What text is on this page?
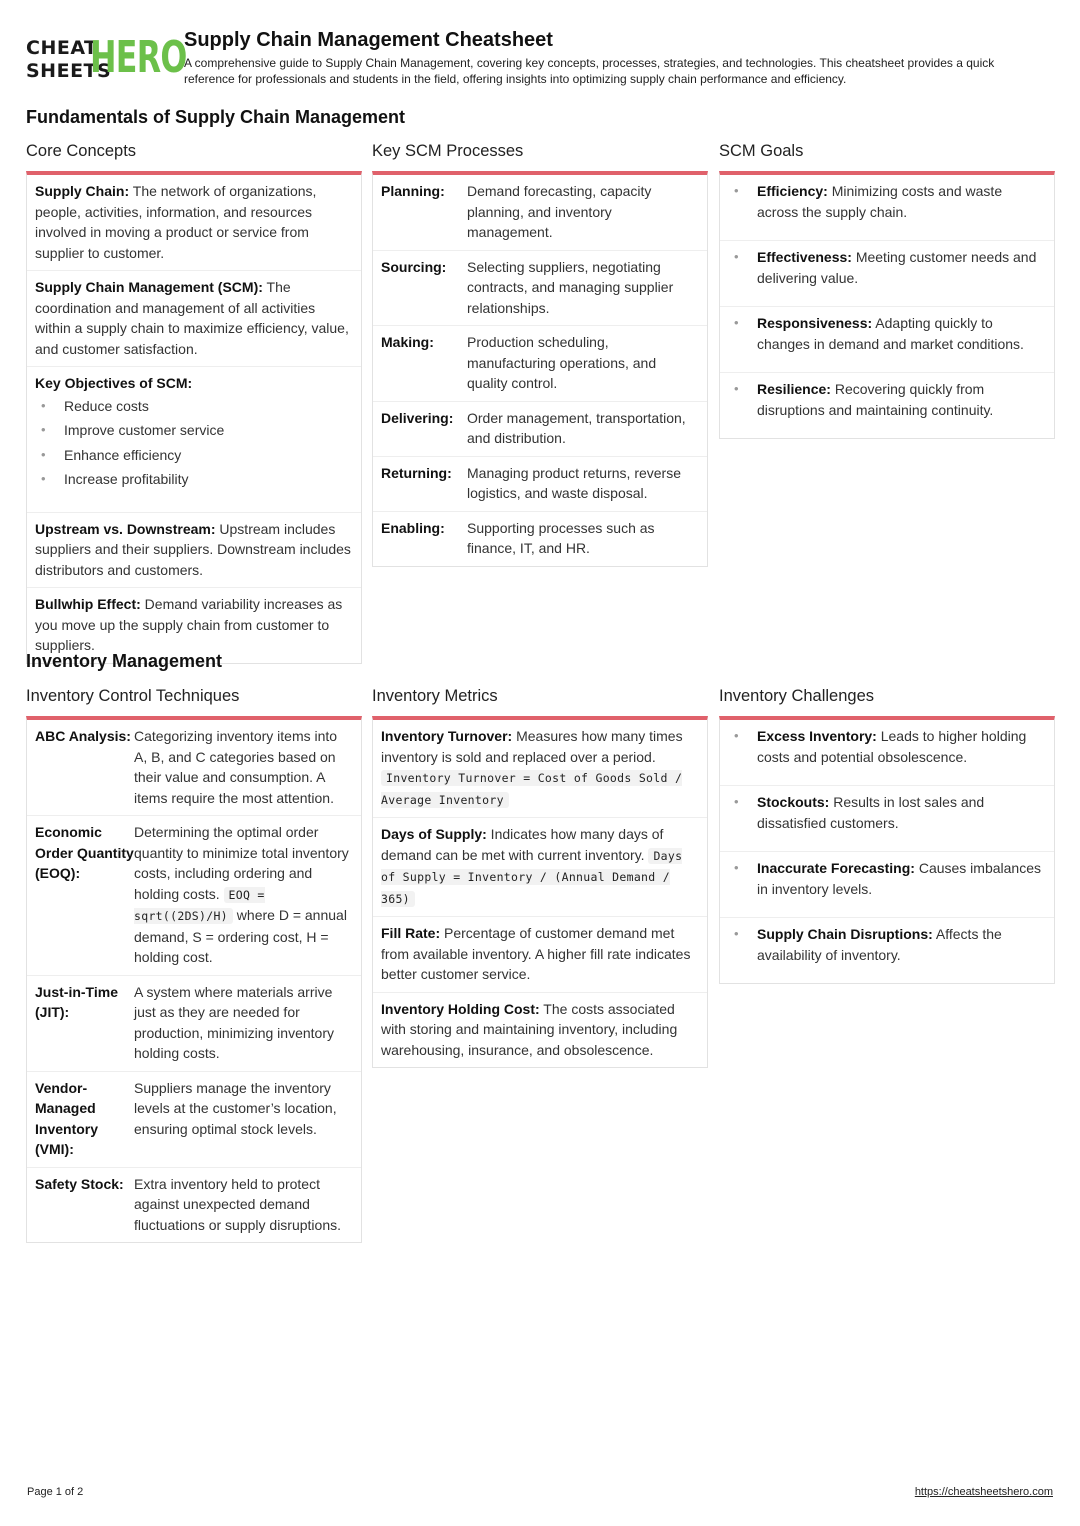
CHEAT
SHEETS
HERO
Supply Chain Management Cheatsheet
A comprehensive guide to Supply Chain Management, covering key concepts, processes, strategies, and technologies. This cheatsheet provides a quick reference for professionals and students in the field, offering insights into optimizing supply chain performance and efficiency.
Fundamentals of Supply Chain Management
Core Concepts
Supply Chain: The network of organizations, people, activities, information, and resources involved in moving a product or service from supplier to customer.
Supply Chain Management (SCM): The coordination and management of all activities within a supply chain to maximize efficiency, value, and customer satisfaction.
Key Objectives of SCM:
• Reduce costs
• Improve customer service
• Enhance efficiency
• Increase profitability
Upstream vs. Downstream: Upstream includes suppliers and their suppliers. Downstream includes distributors and customers.
Bullwhip Effect: Demand variability increases as you move up the supply chain from customer to suppliers.
Key SCM Processes
Planning:	Demand forecasting, capacity planning, and inventory management.
Sourcing:	Selecting suppliers, negotiating contracts, and managing supplier relationships.
Making:	Production scheduling, manufacturing operations, and quality control.
Delivering: Order management, transportation, and distribution.
Returning:	Managing product returns, reverse logistics, and waste disposal.
Enabling:	Supporting processes such as finance, IT, and HR.
SCM Goals
• Efficiency: Minimizing costs and waste across the supply chain.
• Effectiveness: Meeting customer needs and delivering value.
• Responsiveness: Adapting quickly to changes in demand and market conditions.
• Resilience: Recovering quickly from disruptions and maintaining continuity.
Inventory Management
Inventory Control Techniques
ABC Analysis: Categorizing inventory items into A, B, and C categories based on their value and consumption. A items require the most attention.
Economic Order Quantity (EOQ):
Determining the optimal order quantity to minimize total inventory costs, including ordering and holding costs. EOQ = sqrt((2DS)/H) where D = annual demand, S = ordering cost, H = holding cost.
Just-in-Time (JIT):
A system where materials arrive just as they are needed for production, minimizing inventory holding costs.
Vendor-Managed Inventory (VMI):
Suppliers manage the inventory levels at the customer’s location, ensuring optimal stock levels.
Safety Stock: Extra inventory held to protect against unexpected demand fluctuations or supply disruptions.
Inventory Metrics
Inventory Turnover: Measures how many times inventory is sold and replaced over a period. Inventory Turnover = Cost of Goods Sold / Average Inventory
Days of Supply: Indicates how many days of demand can be met with current inventory. Days of Supply = Inventory / (Annual Demand / 365)
Fill Rate: Percentage of customer demand met from available inventory. A higher fill rate indicates better customer service.
Inventory Holding Cost: The costs associated with storing and maintaining inventory, including warehousing, insurance, and obsolescence.
Inventory Challenges
• Excess Inventory: Leads to higher holding costs and potential obsolescence.
• Stockouts: Results in lost sales and dissatisfied customers.
• Inaccurate Forecasting: Causes imbalances in inventory levels.
• Supply Chain Disruptions: Affects the availability of inventory.
Page 1 of 2	https://cheatsheetshero.com
